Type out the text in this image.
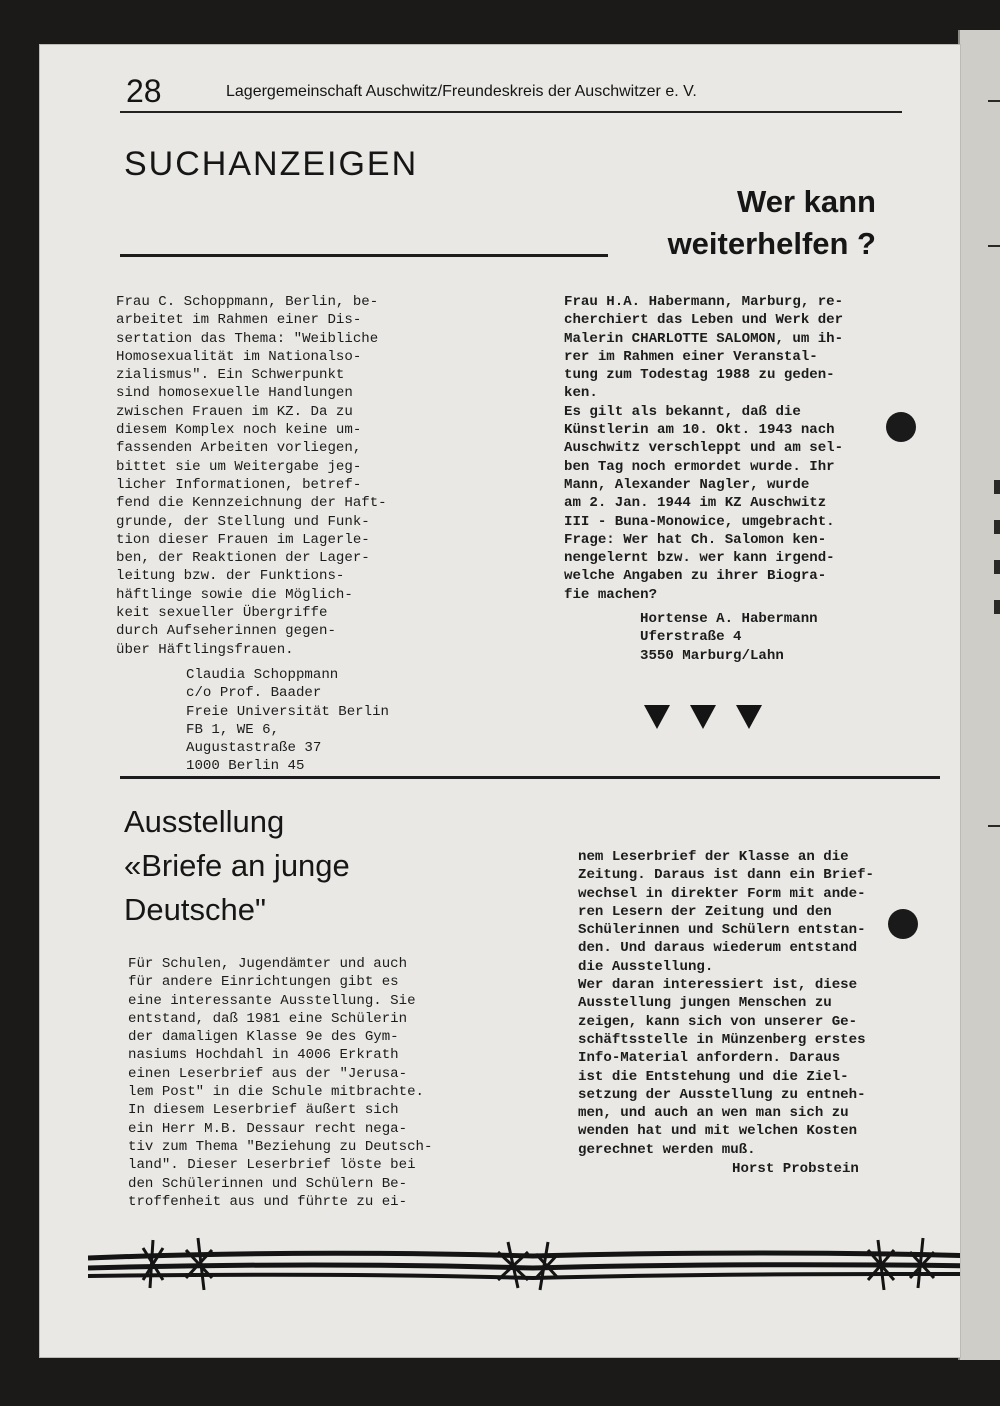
28	Lagergemeinschaft Auschwitz/Freundeskreis der Auschwitzer e. V.
SUCHANZEIGEN
Wer kann
weiterhelfen ?
Frau C. Schoppmann, Berlin, be-
arbeitet im Rahmen einer Dis-
sertation das Thema: "Weibliche
Homosexualität im Nationalso-
zialismus". Ein Schwerpunkt
sind homosexuelle Handlungen
zwischen Frauen im KZ. Da zu
diesem Komplex noch keine um-
fassenden Arbeiten vorliegen,
bittet sie um Weitergabe jeg-
licher Informationen, betref-
fend die Kennzeichnung der Haft-
grunde, der Stellung und Funk-
tion dieser Frauen im Lagerle-
ben, der Reaktionen der Lager-
leitung bzw. der Funktions-
häftlinge sowie die Möglich-
keit sexueller Übergriffe
durch Aufseherinnen gegen-
über Häftlingsfrauen.
Claudia Schoppmann
c/o Prof. Baader
Freie Universität Berlin
FB 1, WE 6,
Augustastraße 37
1000 Berlin 45
Frau H.A. Habermann, Marburg, re-
cherchiert das Leben und Werk der
Malerin CHARLOTTE SALOMON, um ih-
rer im Rahmen einer Veranstal-
tung zum Todestag 1988 zu geden-
ken.
Es gilt als bekannt, daß die
Künstlerin am 10. Okt. 1943 nach
Auschwitz verschleppt und am sel-
ben Tag noch ermordet wurde. Ihr
Mann, Alexander Nagler, wurde
am 2. Jan. 1944 im KZ Auschwitz
III - Buna-Monowice, umgebracht.
Frage: Wer hat Ch. Salomon ken-
nengelernt bzw. wer kann irgend-
welche Angaben zu ihrer Biogra-
fie machen?
Hortense A. Habermann
Uferstraße 4
3550 Marburg/Lahn
Ausstellung
«Briefe an junge
Deutsche"
Für Schulen, Jugendämter und auch
für andere Einrichtungen gibt es
eine interessante Ausstellung. Sie
entstand, daß 1981 eine Schülerin
der damaligen Klasse 9e des Gym-
nasiums Hochdahl in 4006 Erkrath
einen Leserbrief aus der "Jerusa-
lem Post" in die Schule mitbrachte.
In diesem Leserbrief äußert sich
ein Herr M.B. Dessaur recht nega-
tiv zum Thema "Beziehung zu Deutsch-
land". Dieser Leserbrief löste bei
den Schülerinnen und Schülern Be-
troffenheit aus und führte zu ei-
nem Leserbrief der Klasse an die
Zeitung. Daraus ist dann ein Brief-
wechsel in direkter Form mit ande-
ren Lesern der Zeitung und den
Schülerinnen und Schülern entstan-
den. Und daraus wiederum entstand
die Ausstellung.
Wer daran interessiert ist, diese
Ausstellung jungen Menschen zu
zeigen, kann sich von unserer Ge-
schäftsstelle in Münzenberg erstes
Info-Material anfordern. Daraus
ist die Entstehung und die Ziel-
setzung der Ausstellung zu entneh-
men, und auch an wen man sich zu
wenden hat und mit welchen Kosten
gerechnet werden muß.
Horst Probstein
